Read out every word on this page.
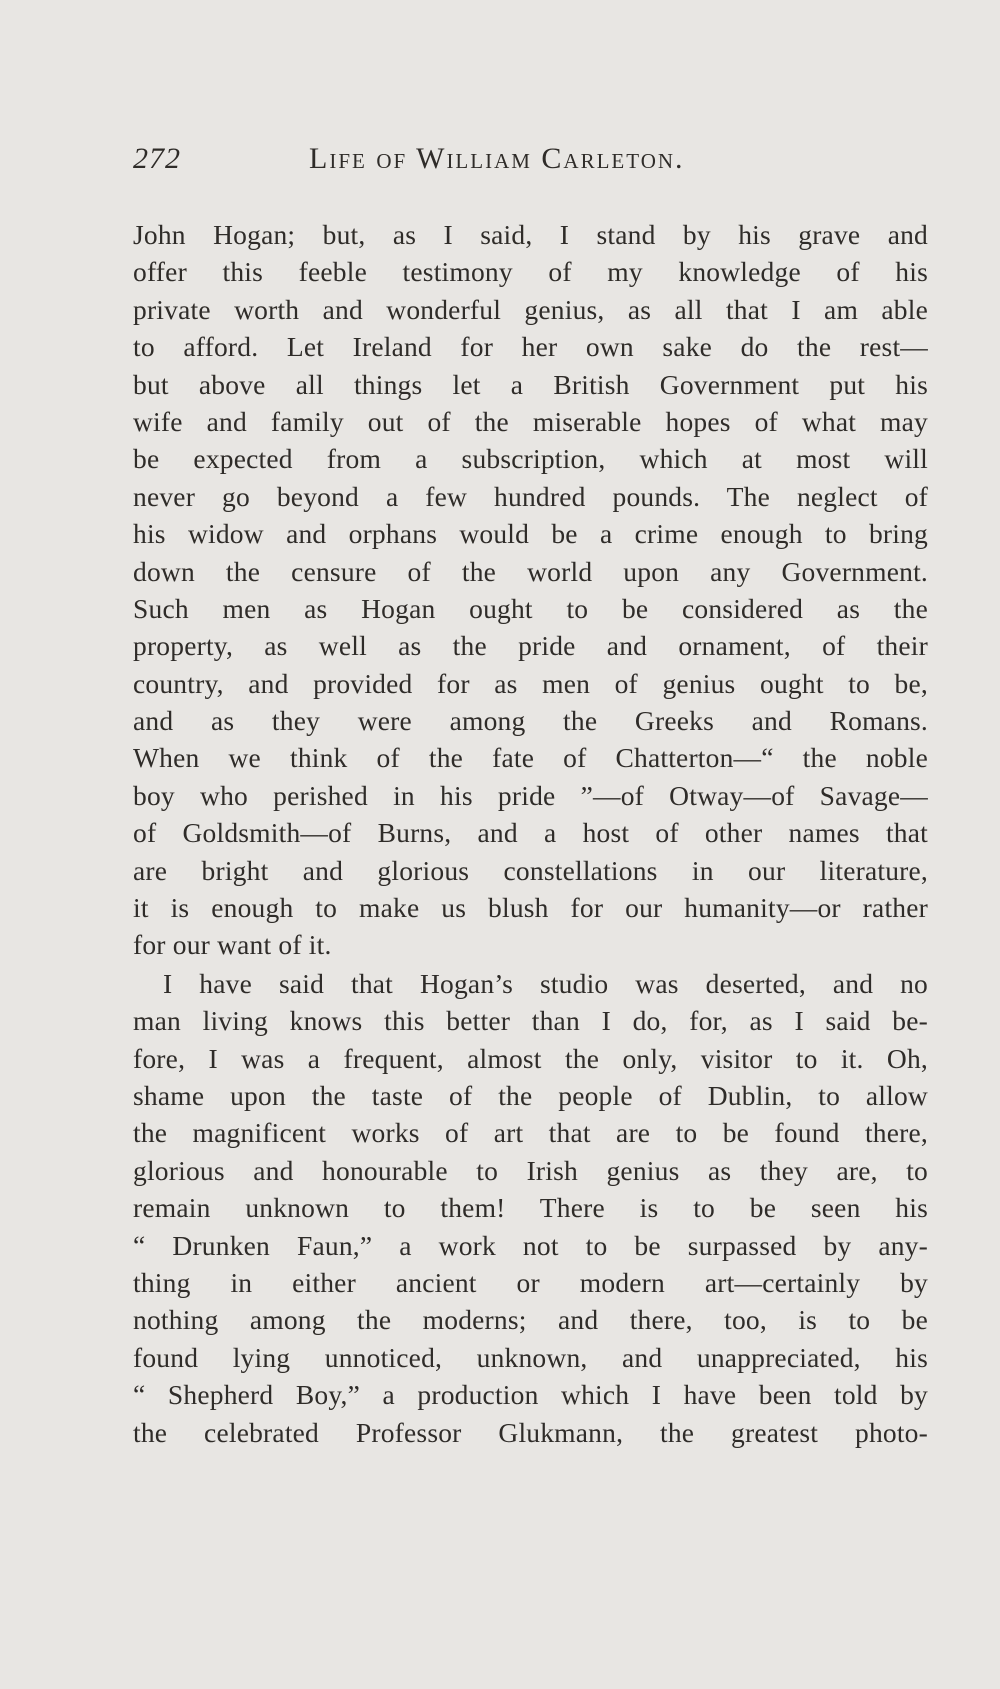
272	Life of William Carleton.
John Hogan; but, as I said, I stand by his grave and
offer this feeble testimony of my knowledge of his
private worth and wonderful genius, as all that I am able
to afford. Let Ireland for her own sake do the rest—
but above all things let a British Government put his
wife and family out of the miserable hopes of what may
be expected from a subscription, which at most will
never go beyond a few hundred pounds. The neglect of
his widow and orphans would be a crime enough to bring
down the censure of the world upon any Government.
Such men as Hogan ought to be considered as the
property, as well as the pride and ornament, of their
country, and provided for as men of genius ought to be,
and as they were among the Greeks and Romans.
When we think of the fate of Chatterton—“ the noble
boy who perished in his pride ”—of Otway—of Savage—
of Goldsmith—of Burns, and a host of other names that
are bright and glorious constellations in our literature,
it is enough to make us blush for our humanity—or rather
for our want of it.
I have said that Hogan’s studio was deserted, and no
man living knows this better than I do, for, as I said be-
fore, I was a frequent, almost the only, visitor to it. Oh,
shame upon the taste of the people of Dublin, to allow
the magnificent works of art that are to be found there,
glorious and honourable to Irish genius as they are, to
remain unknown to them! There is to be seen his
“ Drunken Faun,” a work not to be surpassed by any-
thing in either ancient or modern art—certainly by
nothing among the moderns; and there, too, is to be
found lying unnoticed, unknown, and unappreciated, his
“ Shepherd Boy,” a production which I have been told by
the celebrated Professor Glukmann, the greatest photo-
